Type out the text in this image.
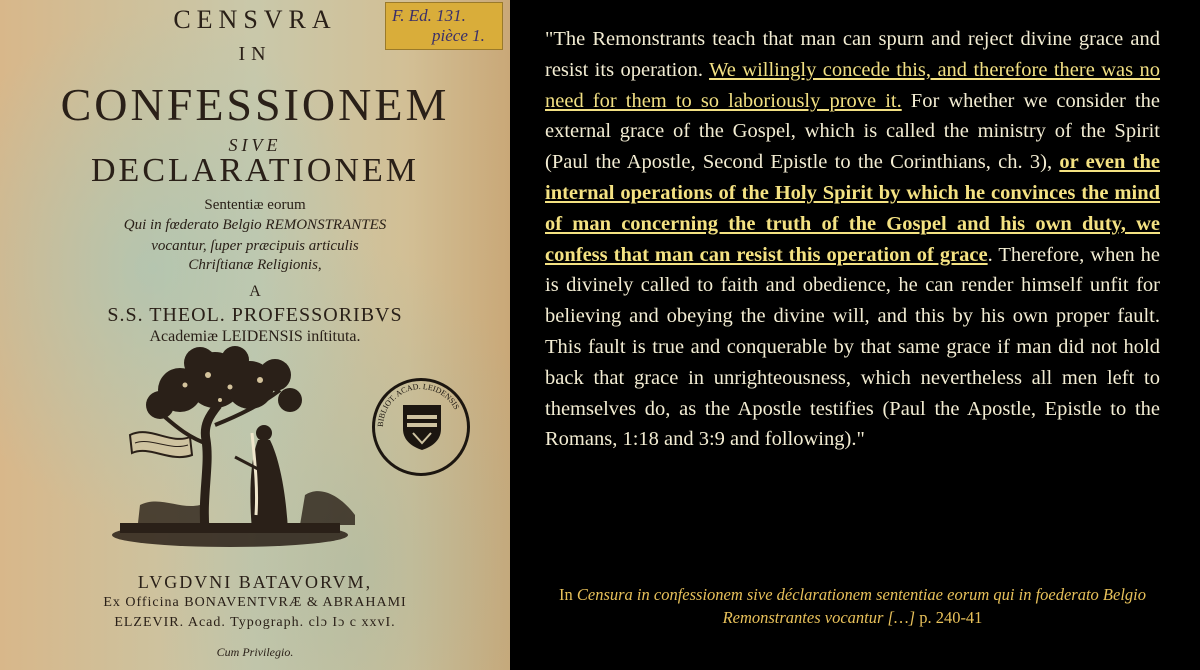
CENSVRA
IN
CONFESSIONEM
SIVE
DECLARATIONEM
Sententiæ eorum
Qui in fœderato Belgio REMONSTRANTES
vocantur, ſuper præcipuis articulis
Chriſtianæ Religionis,
A
S.S. THEOL. PROFESSORIBVS
Academiæ LEIDENSIS inſtituta.
F. Ed. 131.
pièce 1.
BIBLIOT. ACAD. LEIDENSIS
LVGDVNI BATAVORVM,
Ex Officina BONAVENTVRÆ & ABRAHAMI
ELZEVIR. Acad. Typograph. clɔ Iɔ c xxvI.
Cum Privilegio.
"The Remonstrants teach that man can spurn and reject divine grace and resist its operation. We willingly concede this, and therefore there was no need for them to so laboriously prove it. For whether we consider the external grace of the Gospel, which is called the ministry of the Spirit (Paul the Apostle, Second Epistle to the Corinthians, ch. 3), or even the internal operations of the Holy Spirit by which he convinces the mind of man concerning the truth of the Gospel and his own duty, we confess that man can resist this operation of grace. Therefore, when he is divinely called to faith and obedience, he can render himself unfit for believing and obeying the divine will, and this by his own proper fault. This fault is true and conquerable by that same grace if man did not hold back that grace in unrighteousness, which nevertheless all men left to themselves do, as the Apostle testifies (Paul the Apostle, Epistle to the Romans, 1:18 and 3:9 and following)."
In Censura in confessionem sive déclarationem sententiae eorum qui in foederato Belgio Remonstrantes vocantur […] p. 240-41
